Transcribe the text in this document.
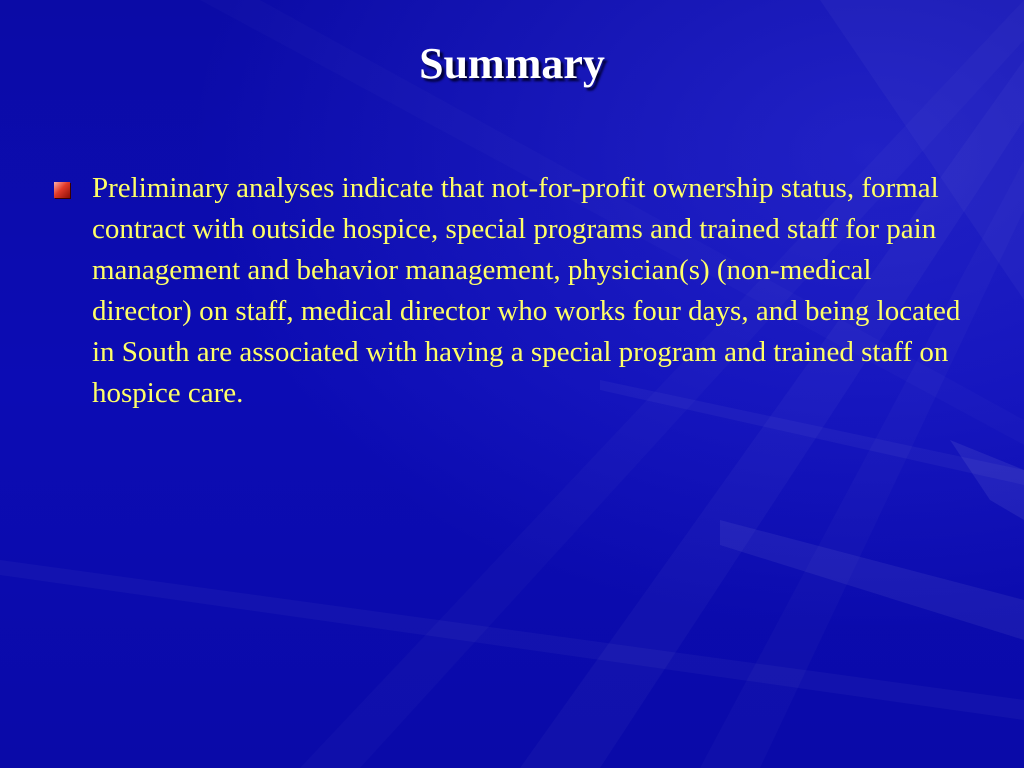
Summary
Preliminary analyses indicate that not-for-profit ownership status, formal contract with outside hospice, special programs and trained staff for pain management and behavior management, physician(s) (non-medical director) on staff, medical director who works four days, and being located in South are associated with having a special program and trained staff on hospice care.
